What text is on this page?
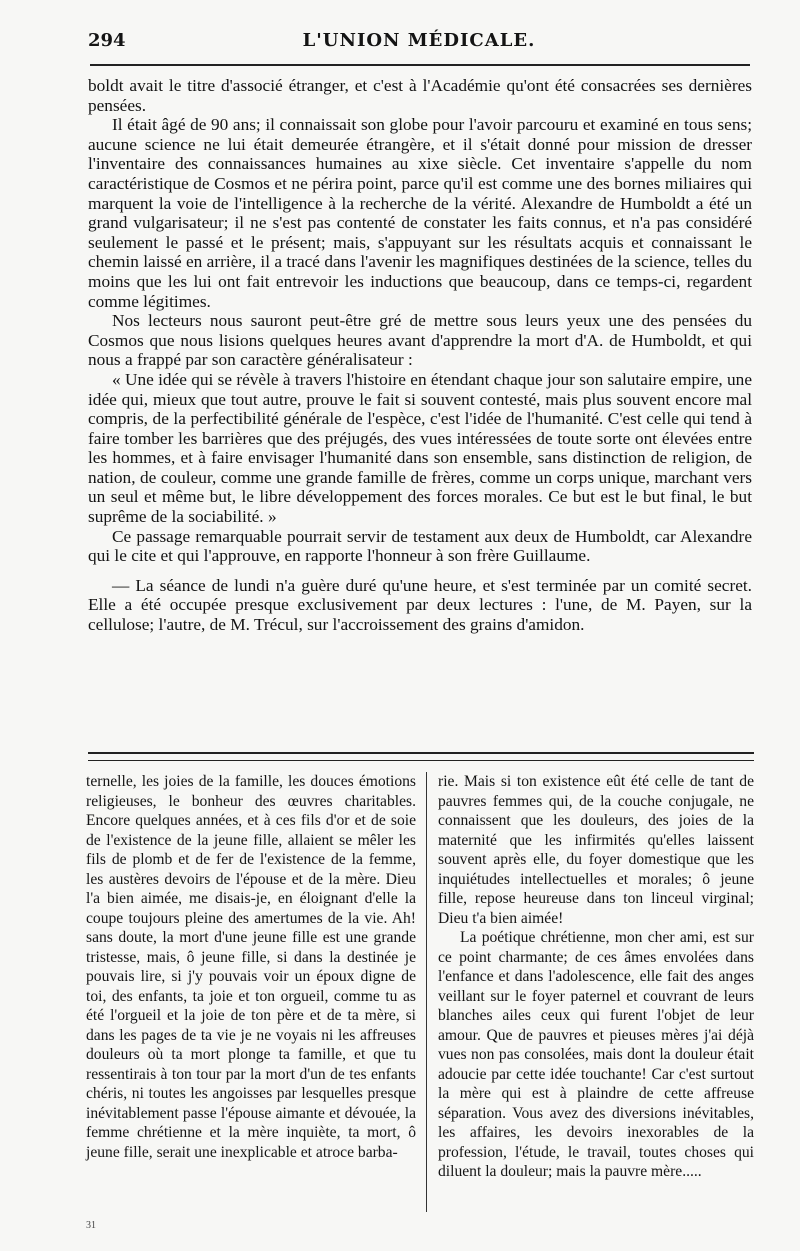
294	L'UNION MÉDICALE.

boldt avait le titre d'associé étranger, et c'est à l'Académie qu'ont été consacrées ses dernières pensées.

Il était âgé de 90 ans; il connaissait son globe pour l'avoir parcouru et examiné en tous sens; aucune science ne lui était demeurée étrangère, et il s'était donné pour mission de dresser l'inventaire des connaissances humaines au xixe siècle. Cet inventaire s'appelle du nom caractéristique de Cosmos et ne périra point, parce qu'il est comme une des bornes miliaires qui marquent la voie de l'intelligence à la recherche de la vérité. Alexandre de Humboldt a été un grand vulgarisateur; il ne s'est pas contenté de constater les faits connus, et n'a pas considéré seulement le passé et le présent; mais, s'appuyant sur les résultats acquis et connaissant le chemin laissé en arrière, il a tracé dans l'avenir les magnifiques destinées de la science, telles du moins que les lui ont fait entrevoir les inductions que beaucoup, dans ce temps-ci, regardent comme légitimes.

Nos lecteurs nous sauront peut-être gré de mettre sous leurs yeux une des pensées du Cosmos que nous lisions quelques heures avant d'apprendre la mort d'A. de Humboldt, et qui nous a frappé par son caractère généralisateur :

« Une idée qui se révèle à travers l'histoire en étendant chaque jour son salutaire empire, une idée qui, mieux que tout autre, prouve le fait si souvent contesté, mais plus souvent encore mal compris, de la perfectibilité générale de l'espèce, c'est l'idée de l'humanité. C'est celle qui tend à faire tomber les barrières que des préjugés, des vues intéressées de toute sorte ont élevées entre les hommes, et à faire envisager l'humanité dans son ensemble, sans distinction de religion, de nation, de couleur, comme une grande famille de frères, comme un corps unique, marchant vers un seul et même but, le libre développement des forces morales. Ce but est le but final, le but suprême de la sociabilité. »

Ce passage remarquable pourrait servir de testament aux deux de Humboldt, car Alexandre qui le cite et qui l'approuve, en rapporte l'honneur à son frère Guillaume.

— La séance de lundi n'a guère duré qu'une heure, et s'est terminée par un comité secret. Elle a été occupée presque exclusivement par deux lectures : l'une, de M. Payen, sur la cellulose; l'autre, de M. Trécul, sur l'accroissement des grains d'amidon.

ternelle, les joies de la famille, les douces émotions religieuses, le bonheur des œuvres charitables. Encore quelques années, et à ces fils d'or et de soie de l'existence de la jeune fille, allaient se mêler les fils de plomb et de fer de l'existence de la femme, les austères devoirs de l'épouse et de la mère. Dieu l'a bien aimée, me disais-je, en éloignant d'elle la coupe toujours pleine des amertumes de la vie. Ah! sans doute, la mort d'une jeune fille est une grande tristesse, mais, ô jeune fille, si dans la destinée je pouvais lire, si j'y pouvais voir un époux digne de toi, des enfants, ta joie et ton orgueil, comme tu as été l'orgueil et la joie de ton père et de ta mère, si dans les pages de ta vie je ne voyais ni les affreuses douleurs où ta mort plonge ta famille, et que tu ressentirais à ton tour par la mort d'un de tes enfants chéris, ni toutes les angoisses par lesquelles presque inévitablement passe l'épouse aimante et dévouée, la femme chrétienne et la mère inquiète, ta mort, ô jeune fille, serait une inexplicable et atroce barba-

rie. Mais si ton existence eût été celle de tant de pauvres femmes qui, de la couche conjugale, ne connaissent que les douleurs, des joies de la maternité que les infirmités qu'elles laissent souvent après elle, du foyer domestique que les inquiétudes intellectuelles et morales; ô jeune fille, repose heureuse dans ton linceul virginal; Dieu t'a bien aimée!

La poétique chrétienne, mon cher ami, est sur ce point charmante; de ces âmes envolées dans l'enfance et dans l'adolescence, elle fait des anges veillant sur le foyer paternel et couvrant de leurs blanches ailes ceux qui furent l'objet de leur amour. Que de pauvres et pieuses mères j'ai déjà vues non pas consolées, mais dont la douleur était adoucie par cette idée touchante! Car c'est surtout la mère qui est à plaindre de cette affreuse séparation. Vous avez des diversions inévitables, les affaires, les devoirs inexorables de la profession, l'étude, le travail, toutes choses qui diluent la douleur; mais la pauvre mère.....

31
